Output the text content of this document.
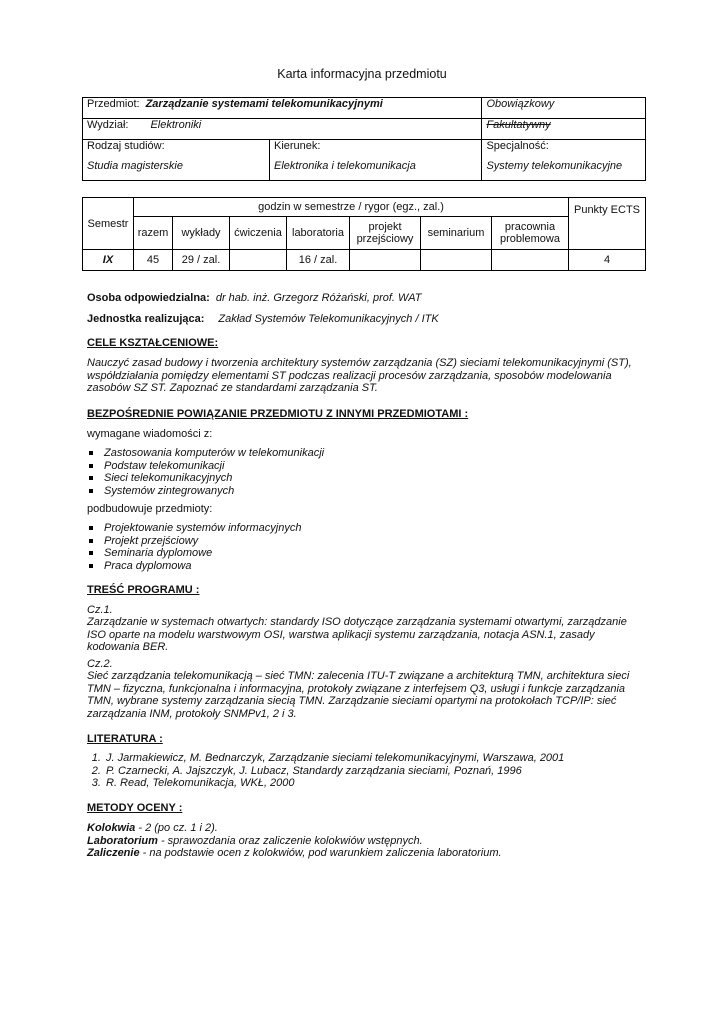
Karta informacyjna przedmiotu
Przedmiot: Zarządzanie systemami telekomunikacyjnymi		Obowiązkowy
Wydział: Elektroniki		Fakultatywny
Rodzaj studiów:	Kierunek:	Specjalność:
Studia magisterskie	Elektronika i telekomunikacja	Systemy telekomunikacyjne
Semestr	godzin w semestrze / rygor (egz., zal.)							Punkty ECTS
	razem	wykłady	ćwiczenia	laboratoria	projekt przejściowy	seminarium	pracownia problemowa	
IX	45	29 / zal.		16 / zal.				4
Osoba odpowiedzialna: dr hab. inż. Grzegorz Różański, prof. WAT
Jednostka realizująca: Zakład Systemów Telekomunikacyjnych / ITK
CELE KSZTAŁCENIOWE:
Nauczyć zasad budowy i tworzenia architektury systemów zarządzania (SZ) sieciami telekomunikacyjnymi (ST), współdziałania pomiędzy elementami ST podczas realizacji procesów zarządzania, sposobów modelowania zasobów SZ ST. Zapoznać ze standardami zarządzania ST.
BEZPOŚREDNIE POWIĄZANIE PRZEDMIOTU Z INNYMI PRZEDMIOTAMI :
wymagane wiadomości z:
Zastosowania komputerów w telekomunikacji
Podstaw telekomunikacji
Sieci telekomunikacyjnych
Systemów zintegrowanych
podbudowuje przedmioty:
Projektowanie systemów informacyjnych
Projekt przejściowy
Seminaria dyplomowe
Praca dyplomowa
TREŚĆ PROGRAMU :
Cz.1.
Zarządzanie w systemach otwartych: standardy ISO dotyczące zarządzania systemami otwartymi, zarządzanie ISO oparte na modelu warstwowym OSI, warstwa aplikacji systemu zarządzania, notacja ASN.1, zasady kodowania BER.
Cz.2.
Sieć zarządzania telekomunikacją – sieć TMN: zalecenia ITU-T związane a architekturą TMN, architektura sieci TMN – fizyczna, funkcjonalna i informacyjna, protokoły związane z interfejsem Q3, usługi i funkcje zarządzania TMN, wybrane systemy zarządzania siecią TMN. Zarządzanie sieciami opartymi na protokołach TCP/IP: sieć zarządzania INM, protokoły SNMPv1, 2 i 3.
LITERATURA :
1. J. Jarmakiewicz, M. Bednarczyk, Zarządzanie sieciami telekomunikacyjnymi, Warszawa, 2001
2. P. Czarnecki, A. Jajszczyk, J. Lubacz, Standardy zarządzania sieciami, Poznań, 1996
3. R. Read, Telekomunikacja, WKŁ, 2000
METODY OCENY :
Kolokwia - 2 (po cz. 1 i 2).
Laboratorium - sprawozdania oraz zaliczenie kolokwiów wstępnych.
Zaliczenie - na podstawie ocen z kolokwiów, pod warunkiem zaliczenia laboratorium.
